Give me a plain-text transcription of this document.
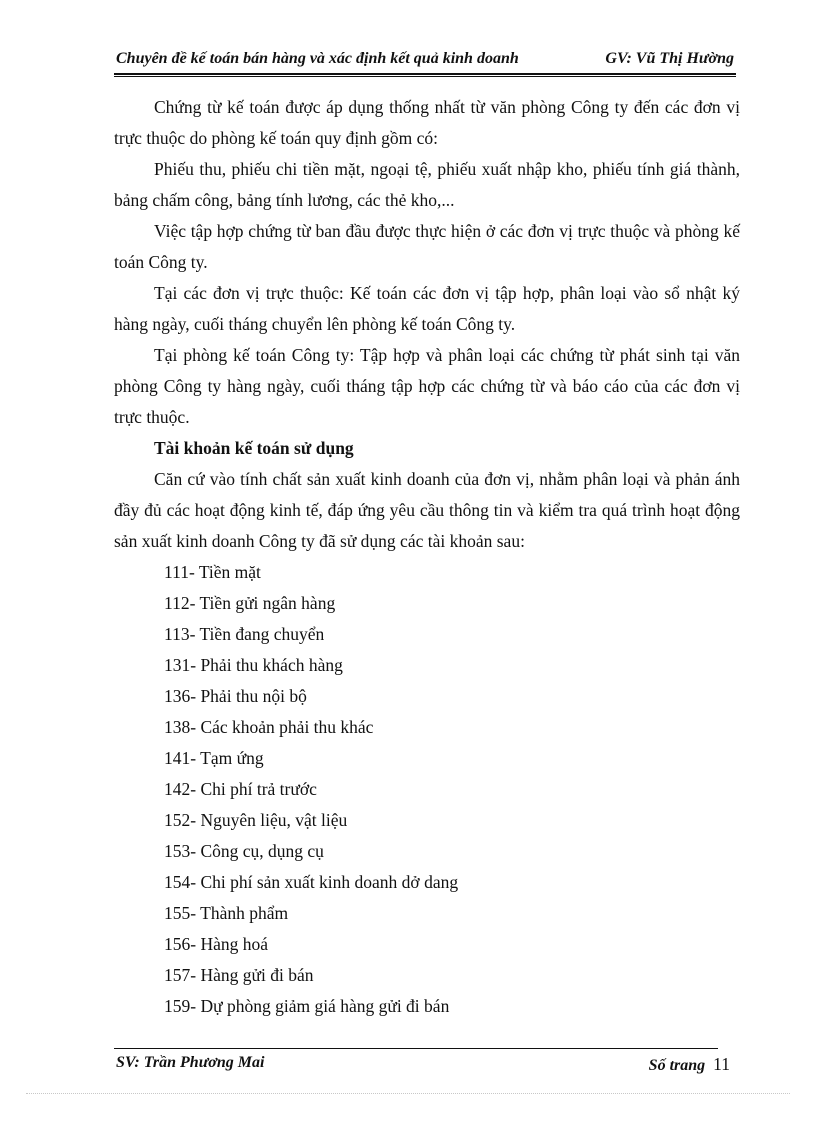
Chuyên đề kế toán bán hàng và xác định kết quả kinh doanh	GV: Vũ Thị Hường

Chứng từ kế toán được áp dụng thống nhất từ văn phòng Công ty đến các đơn vị trực thuộc do phòng kế toán quy định gồm có:

Phiếu thu, phiếu chi tiền mặt, ngoại tệ, phiếu xuất nhập kho, phiếu tính giá thành, bảng chấm công, bảng tính lương, các thẻ kho,...

Việc tập hợp chứng từ ban đầu được thực hiện ở các đơn vị trực thuộc và phòng kế toán Công ty.

Tại các đơn vị trực thuộc: Kế toán các đơn vị tập hợp, phân loại vào sổ nhật ký hàng ngày, cuối tháng chuyển lên phòng kế toán Công ty.

Tại phòng kế toán Công ty: Tập hợp và phân loại các chứng từ phát sinh tại văn phòng Công ty hàng ngày, cuối tháng tập hợp các chứng từ và báo cáo của các đơn vị trực thuộc.

Tài khoản kế toán sử dụng

Căn cứ vào tính chất sản xuất kinh doanh của đơn vị, nhằm phân loại và phản ánh đầy đủ các hoạt động kinh tế, đáp ứng yêu cầu thông tin và kiểm tra quá trình hoạt động sản xuất kinh doanh Công ty đã sử dụng các tài khoản sau:

111- Tiền mặt

112- Tiền gửi ngân hàng

113- Tiền đang chuyển

131- Phải thu khách hàng

136- Phải thu nội bộ

138- Các khoản phải thu khác

141- Tạm ứng

142- Chi phí trả trước

152- Nguyên liệu, vật liệu

153- Công cụ, dụng cụ

154- Chi phí sản xuất kinh doanh dở dang

155- Thành phẩm

156- Hàng hoá

157- Hàng gửi đi bán

159- Dự phòng giảm giá hàng gửi đi bán

SV: Trần Phương Mai	Số trang 11
